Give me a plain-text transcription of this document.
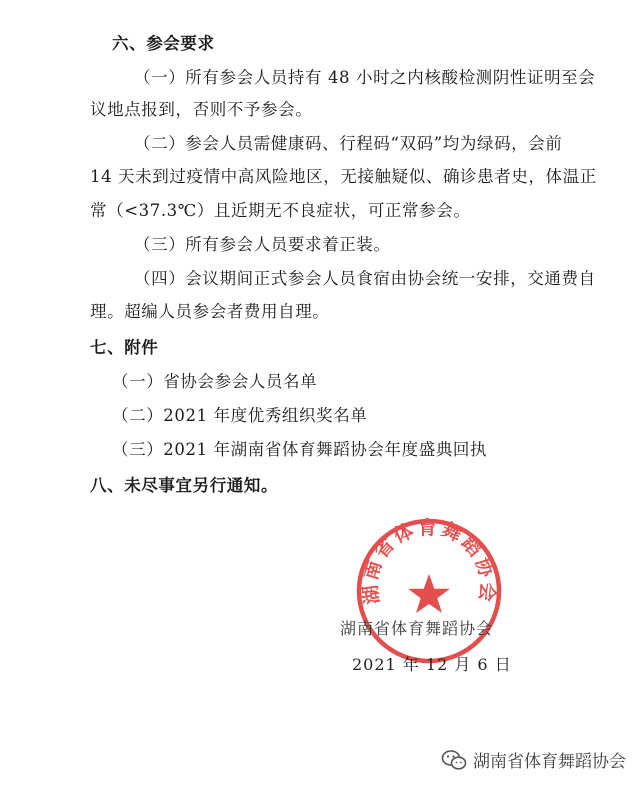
六、参会要求
（一）所有参会人员持有 48 小时之内核酸检测阴性证明至会
议地点报到，否则不予参会。
（二）参会人员需健康码、行程码“双码”均为绿码，会前
14 天未到过疫情中高风险地区，无接触疑似、确诊患者史，体温正
常（<37.3℃）且近期无不良症状，可正常参会。
（三）所有参会人员要求着正装。
（四）会议期间正式参会人员食宿由协会统一安排，交通费自
理。超编人员参会者费用自理。
七、附件
（一）省协会参会人员名单
（二）2021 年度优秀组织奖名单
（三）2021 年湖南省体育舞蹈协会年度盛典回执
八、未尽事宜另行通知。
湖南省体育舞蹈协会
湖南省体育舞蹈协会
2021 年 12 月 6 日
湖南省体育舞蹈协会
